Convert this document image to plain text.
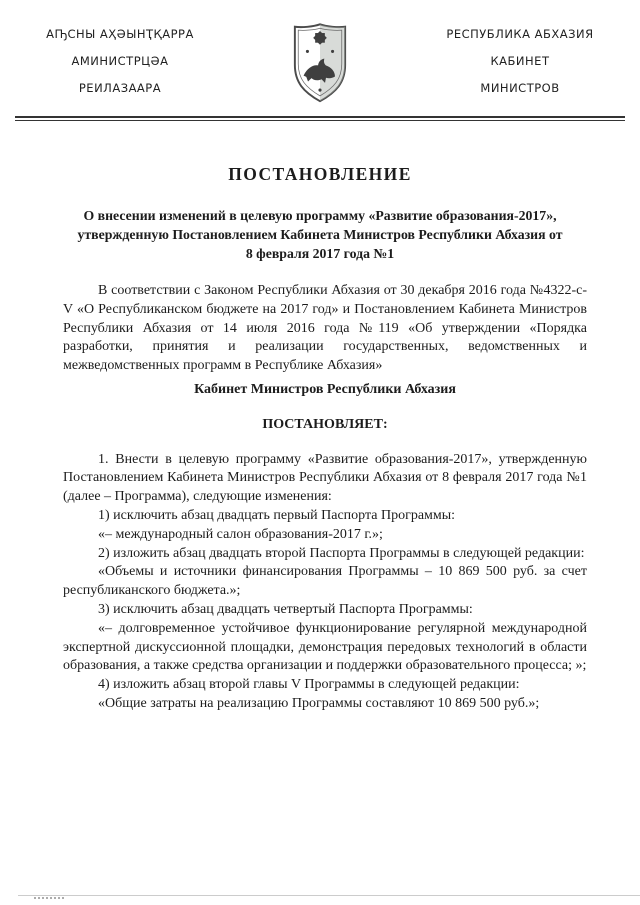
АҦСНЫ АҲӘЫНҬҚАРРА
АМИНИСТРЦӘА
РЕИЛАЗААРА
РЕСПУБЛИКА АБХАЗИЯ
КАБИНЕТ
МИНИСТРОВ
ПОСТАНОВЛЕНИЕ
О внесении изменений в целевую программу «Развитие образования-2017», утвержденную Постановлением Кабинета Министров Республики Абхазия от 8 февраля 2017 года №1

В соответствии с Законом Республики Абхазия от 30 декабря 2016 года №4322-с-V «О Республиканском бюджете на 2017 год» и Постановлением Кабинета Министров Республики Абхазия от 14 июля 2016 года №119 «Об утверждении «Порядка разработки, принятия и реализации государственных, ведомственных и межведомственных программ в Республике Абхазия»

Кабинет Министров Республики Абхазия

ПОСТАНОВЛЯЕТ:

1. Внести в целевую программу «Развитие образования-2017», утвержденную Постановлением Кабинета Министров Республики Абхазия от 8 февраля 2017 года №1 (далее – Программа), следующие изменения:

1) исключить абзац двадцать первый Паспорта Программы:

«– международный салон образования-2017 г.»;

2) изложить абзац двадцать второй Паспорта Программы в следующей редакции:

«Объемы и источники финансирования Программы – 10 869 500 руб. за счет республиканского бюджета.»;

3) исключить абзац двадцать четвертый Паспорта Программы:

«– долговременное устойчивое функционирование регулярной международной экспертной дискуссионной площадки, демонстрация передовых технологий в области образования, а также средства организации и поддержки образовательного процесса; »;

4) изложить абзац второй главы V Программы в следующей редакции:

«Общие затраты на реализацию Программы составляют 10 869 500 руб.»;
